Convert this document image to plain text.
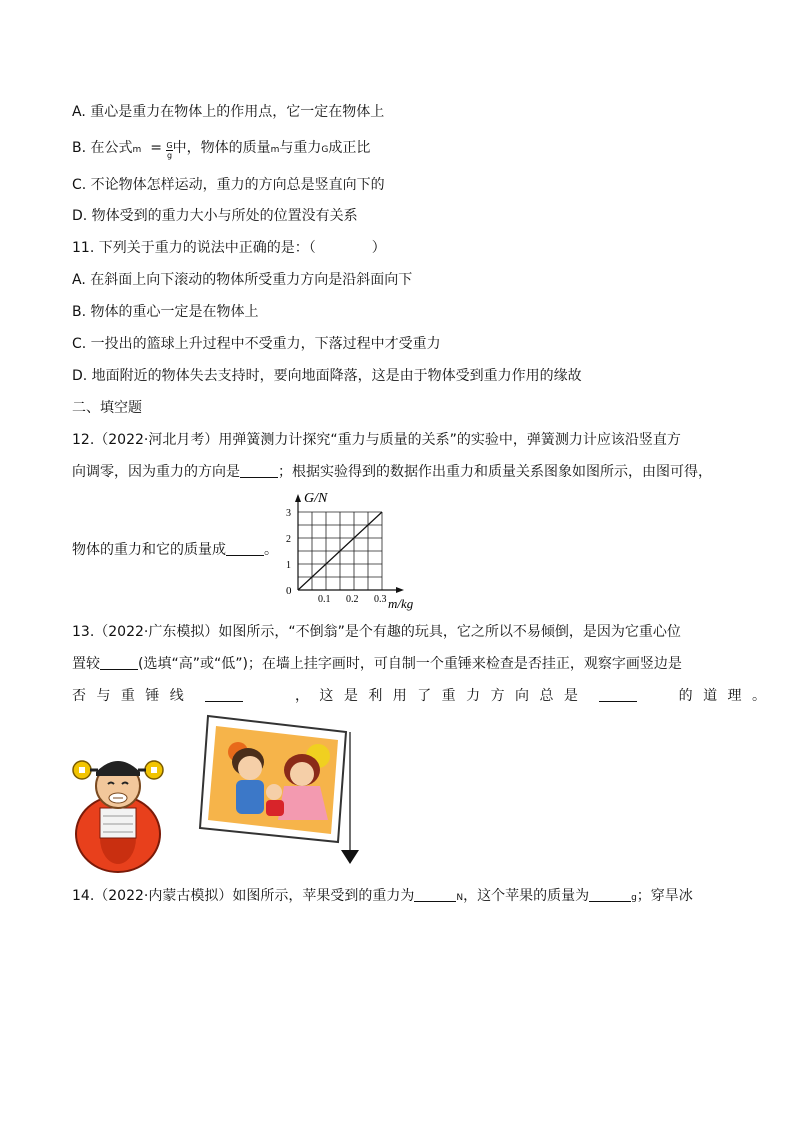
A. 重心是重力在物体上的作用点，它一定在物体上
B. 在公式$m = \frac{G}{g}$ 中，物体的质量m与重力G成正比
C. 不论物体怎样运动，重力的方向总是竖直向下的
D. 物体受到的重力大小与所处的位置没有关系
11. 下列关于重力的说法中正确的是：（　　　　）
A. 在斜面上向下滚动的物体所受重力方向是沿斜面向下
B. 物体的重心一定是在物体上
C. 一投出的篮球上升过程中不受重力，下落过程中才受重力
D. 地面附近的物体失去支持时，要向地面降落，这是由于物体受到重力作用的缘故
二、填空题
12.（2022·河北月考）用弹簧测力计探究“重力与质量的关系”的实验中，弹簧测力计应该沿竖直方
向调零，因为重力的方向是	；根据实验得到的数据作出重力和质量关系图象如图所示，由图可得，
物体的重力和它的质量成	。
0.1 0.2 0.3
1
2
3
G/N
m/kg
0
13.（2022·广东模拟）如图所示，“不倒翁”是个有趣的玩具，它之所以不易倾倒，是因为它重心位
置较	(选填“高”或“低”)；在墙上挂字画时，可自制一个重锤来检查是否挂正，观察字画竖边是
否 与 重 锤 线	， 这 是 利 用 了 重 力 方 向 总 是	的 道 理 。
14.（2022·内蒙古模拟）如图所示，苹果受到的重力为	N，这个苹果的质量为	g；穿旱冰
